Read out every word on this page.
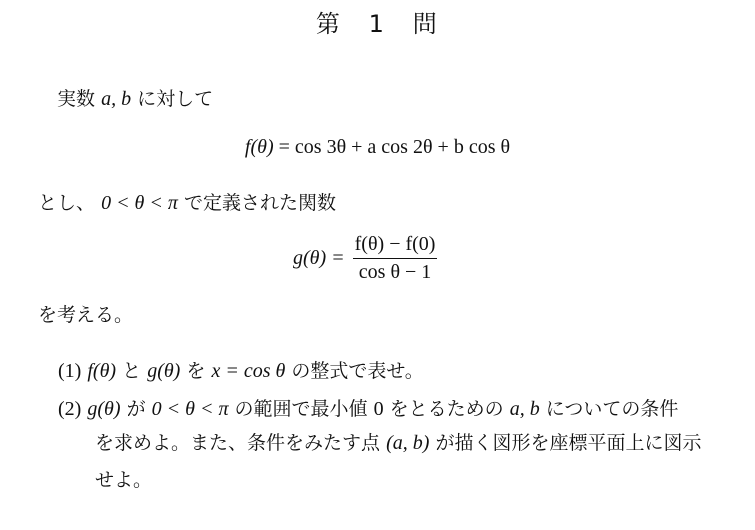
第　1　問
実数 a, b に対して
f(θ) = cos 3θ + a cos 2θ + b cos θ
とし、 0 < θ < π で定義された関数
$g(\theta) = \frac{f(\theta) - f(0)}{\text{cos θ − 1}}$
を考える。
(1) f(θ) と g(θ) を x = cos θ の整式で表せ。
(2) g(θ) が 0 < θ < π の範囲で最小値 0 をとるための a, b についての条件
を求めよ。また、条件をみたす点 (a, b) が描く図形を座標平面上に図示
せよ。
